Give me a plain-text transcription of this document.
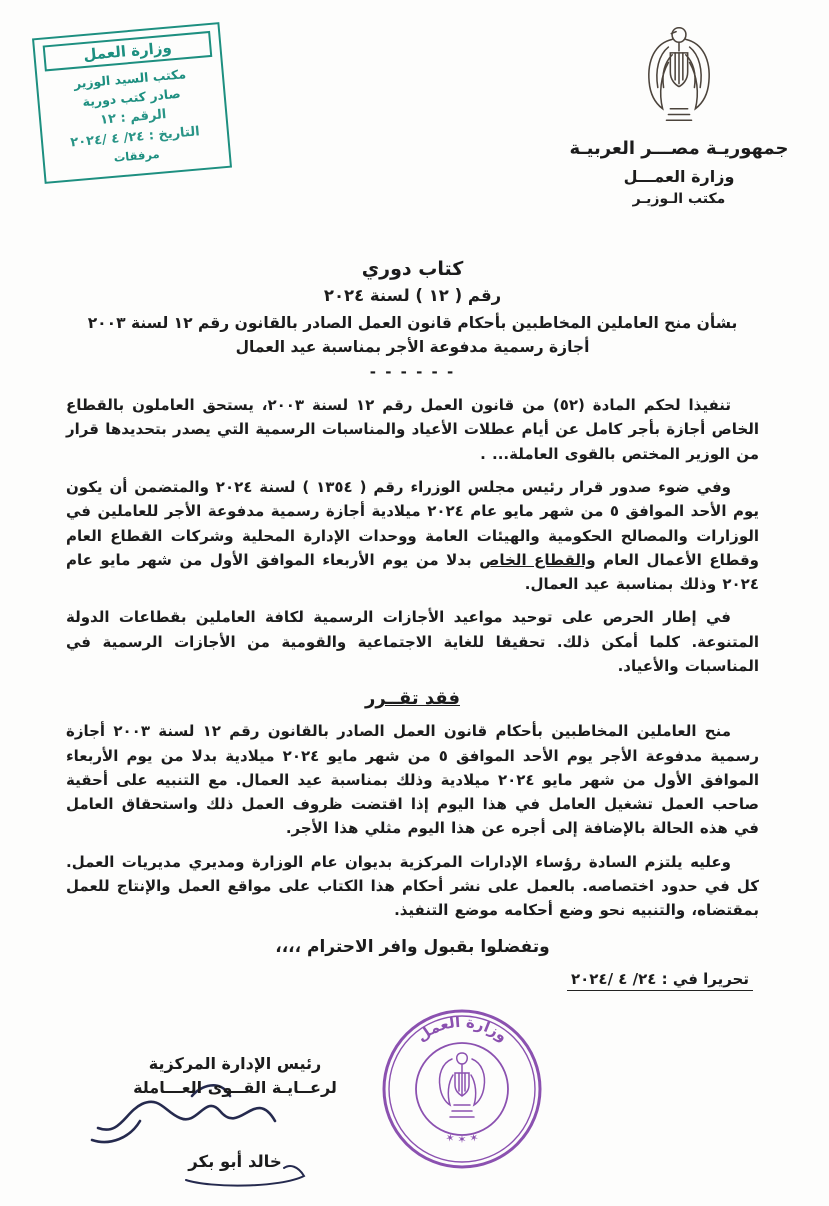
وزارة العمل
مكتب السيد الوزير
صادر كتب دورية
الرقم : ١٢
التاريخ : ٢٤/ ٤ /٢٠٢٤
مرفقات	جمهوريـة مصـــر العربيـة
وزارة العمـــل
مكتب الـوزيـر
كتاب دوري
رقم ( ١٢ ) لسنة ٢٠٢٤
بشأن منح العاملين المخاطبين بأحكام قانون العمل الصادر بالقانون رقم ١٢ لسنة ٢٠٠٣
أجازة رسمية مدفوعة الأجر بمناسبة عيد العمال
- - - - - -

تنفيذا لحكم المادة (٥٢) من قانون العمل رقم ١٢ لسنة ٢٠٠٣، يستحق العاملون بالقطاع الخاص أجازة بأجر كامل عن أيام عطلات الأعياد والمناسبات الرسمية التي يصدر بتحديدها قرار من الوزير المختص بالقوى العاملة... .

وفي ضوء صدور قرار رئيس مجلس الوزراء رقم ( ١٣٥٤ ) لسنة ٢٠٢٤ والمتضمن أن يكون يوم الأحد الموافق ٥ من شهر مايو عام ٢٠٢٤ ميلادية أجازة رسمية مدفوعة الأجر للعاملين في الوزارات والمصالح الحكومية والهيئات العامة ووحدات الإدارة المحلية وشركات القطاع العام وقطاع الأعمال العام والقطاع الخاص بدلا من يوم الأربعاء الموافق الأول من شهر مايو عام ٢٠٢٤ وذلك بمناسبة عيد العمال.

في إطار الحرص على توحيد مواعيد الأجازات الرسمية لكافة العاملين بقطاعات الدولة المتنوعة. كلما أمكن ذلك. تحقيقا للغاية الاجتماعية والقومية من الأجازات الرسمية في المناسبات والأعياد.

فقد تقــرر

منح العاملين المخاطبين بأحكام قانون العمل الصادر بالقانون رقم ١٢ لسنة ٢٠٠٣ أجازة رسمية مدفوعة الأجر يوم الأحد الموافق ٥ من شهر مايو ٢٠٢٤ ميلادية بدلا من يوم الأربعاء الموافق الأول من شهر مايو ٢٠٢٤ ميلادية وذلك بمناسبة عيد العمال. مع التنبيه على أحقية صاحب العمل تشغيل العامل في هذا اليوم إذا اقتضت ظروف العمل ذلك واستحقاق العامل في هذه الحالة بالإضافة إلى أجره عن هذا اليوم مثلي هذا الأجر.

وعليه يلتزم السادة رؤساء الإدارات المركزية بديوان عام الوزارة ومديري مديريات العمل. كل في حدود اختصاصه. بالعمل على نشر أحكام هذا الكتاب على مواقع العمل والإنتاج للعمل بمقتضاه، والتنبيه نحو وضع أحكامه موضع التنفيذ.

وتفضلوا بقبول وافر الاحترام ،،،،
تحريرا في : ٢٤/ ٤ /٢٠٢٤
وزارة العمل
✶ ✶ ✶
رئيس الإدارة المركزية
لرعــايـة القــوى العـــاملة
خالد أبو بكر
